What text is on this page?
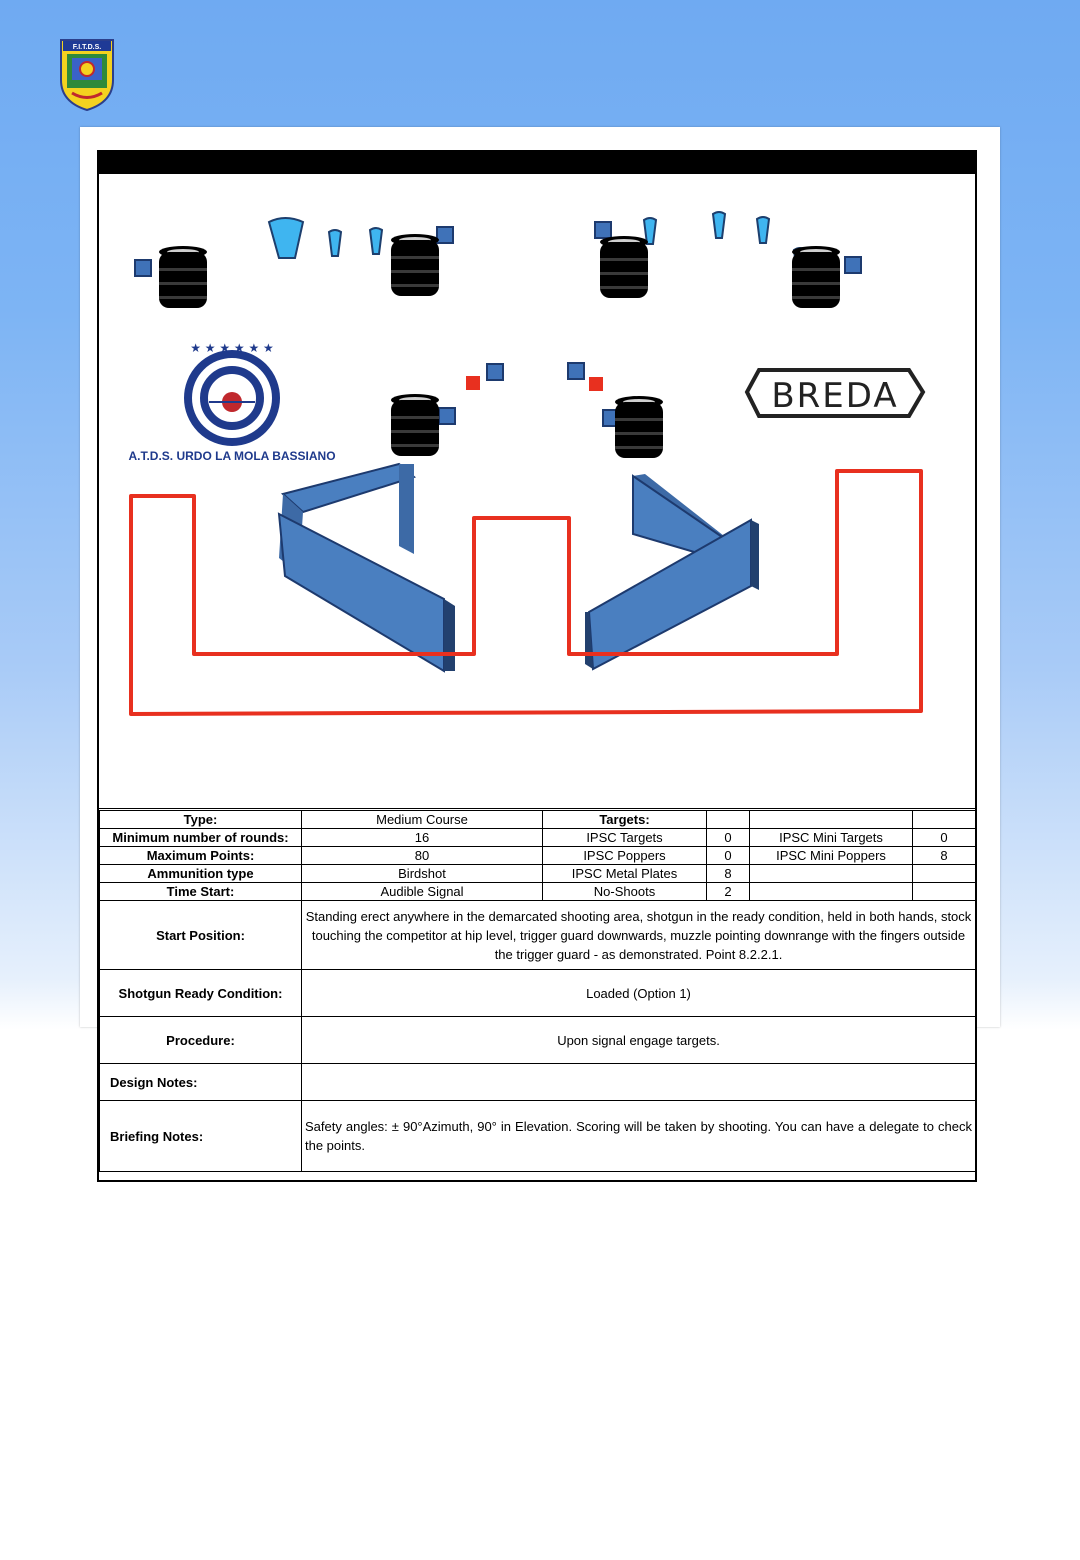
F.I.T.D.S.
A.T.D.S. URDO LA MOLA BASSIANO
★ ★ ★ ★ ★ ★
BREDA
Type:	Medium Course	Targets:			
Minimum number of rounds:	16	IPSC Targets	0	IPSC Mini Targets	0
Maximum Points:	80	IPSC Poppers	0	IPSC Mini Poppers	8
Ammunition type	Birdshot	IPSC Metal Plates	8		
Time Start:	Audible Signal	No-Shoots	2		
Start Position:	Standing erect anywhere in the demarcated shooting area, shotgun in the ready condition, held in both hands, stock touching the competitor at hip level, trigger guard downwards, muzzle pointing downrange with the fingers outside the trigger guard - as demonstrated. Point 8.2.2.1.				
Shotgun Ready Condition:	Loaded (Option 1)				
Procedure:	Upon signal engage targets.				
Design Notes:					
Briefing Notes:	Safety angles: ± 90°Azimuth, 90° in Elevation. Scoring will be taken by shooting. You can have a delegate to check the points.				
